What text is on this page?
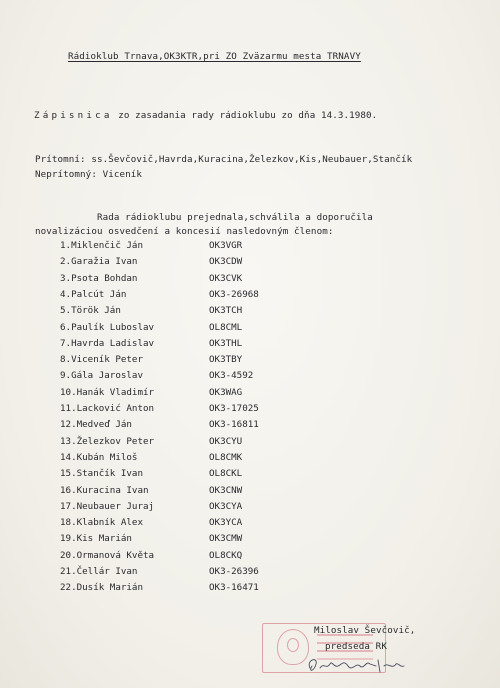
Rádioklub Trnava,OK3KTR,pri ZO Zväzarmu mesta TRNAVY
Zápisnica zo zasadania rady rádioklubu zo dňa 14.3.1980.
Prítomní: ss.Ševčovič,Havrda,Kuracina,Železkov,Kis,Neubauer,Stančík
Neprítomný: Viceník
Rada rádioklubu prejednala,schválila a doporučila
novalizáciou osvedčení a koncesií nasledovným členom:
1.Miklenčič Ján	OK3VGR
2.Garažia Ivan	OK3CDW
3.Psota Bohdan	OK3CVK
4.Palcút Ján	OK3-26968
5.Török Ján	OK3TCH
6.Paulík Luboslav	OL8CML
7.Havrda Ladislav	OK3THL
8.Viceník Peter	OK3TBY
9.Gála Jaroslav	OK3-4592
10.Hanák Vladimír	OK3WAG
11.Lacković Anton	OK3-17025
12.Medveď Ján	OK3-16811
13.Železkov Peter	OK3CYU
14.Kubán Miloš	OL8CMK
15.Stančík Ivan	OL8CKL
16.Kuracina Ivan	OK3CNW
17.Neubauer Juraj	OK3CYA
18.Klabník Alex	OK3YCA
19.Kis Marián	OK3CMW
20.Ormanová Květa	OL8CKQ
21.Čellár Ivan	OK3-26396
22.Dusík Marián	OK3-16471
Miloslav Ševčovič,
predseda RK
